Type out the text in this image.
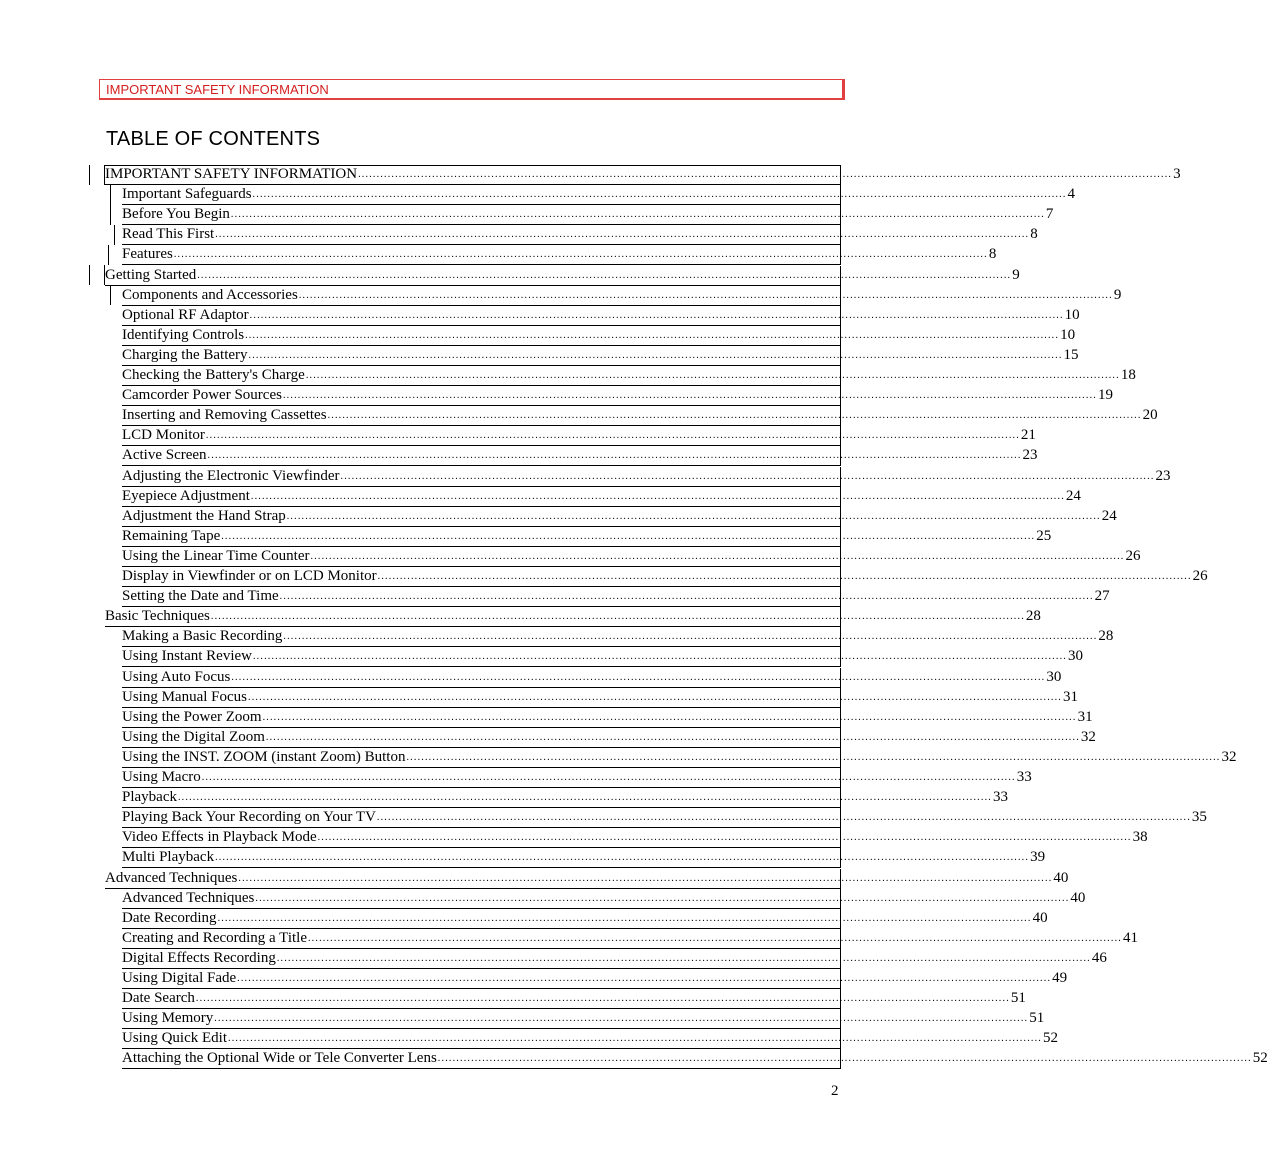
IMPORTANT SAFETY INFORMATION
TABLE OF CONTENTS
IMPORTANT SAFETY INFORMATION ............................................................................................................................................................................................................................ 3
Important Safeguards ............................................................................................................................................................................................................................ 4
Before You Begin ............................................................................................................................................................................................................................ 7
Read This First ............................................................................................................................................................................................................................ 8
Features ............................................................................................................................................................................................................................ 8
Getting Started ............................................................................................................................................................................................................................ 9
Components and Accessories ............................................................................................................................................................................................................................ 9
Optional RF Adaptor ............................................................................................................................................................................................................................ 10
Identifying Controls ............................................................................................................................................................................................................................ 10
Charging the Battery ............................................................................................................................................................................................................................ 15
Checking the Battery's Charge ............................................................................................................................................................................................................................ 18
Camcorder Power Sources ............................................................................................................................................................................................................................ 19
Inserting and Removing Cassettes ............................................................................................................................................................................................................................ 20
LCD Monitor ............................................................................................................................................................................................................................ 21
Active Screen ............................................................................................................................................................................................................................ 23
Adjusting the Electronic Viewfinder ............................................................................................................................................................................................................................ 23
Eyepiece Adjustment ............................................................................................................................................................................................................................ 24
Adjustment the Hand Strap ............................................................................................................................................................................................................................ 24
Remaining Tape ............................................................................................................................................................................................................................ 25
Using the Linear Time Counter ............................................................................................................................................................................................................................ 26
Display in Viewfinder or on LCD Monitor ............................................................................................................................................................................................................................ 26
Setting the Date and Time ............................................................................................................................................................................................................................ 27
Basic Techniques ............................................................................................................................................................................................................................ 28
Making a Basic Recording ............................................................................................................................................................................................................................ 28
Using Instant Review ............................................................................................................................................................................................................................ 30
Using Auto Focus ............................................................................................................................................................................................................................ 30
Using Manual Focus ............................................................................................................................................................................................................................ 31
Using the Power Zoom ............................................................................................................................................................................................................................ 31
Using the Digital Zoom ............................................................................................................................................................................................................................ 32
Using the INST. ZOOM (instant Zoom) Button ............................................................................................................................................................................................................................ 32
Using Macro ............................................................................................................................................................................................................................ 33
Playback ............................................................................................................................................................................................................................ 33
Playing Back Your Recording on Your TV ............................................................................................................................................................................................................................ 35
Video Effects in Playback Mode ............................................................................................................................................................................................................................ 38
Multi Playback ............................................................................................................................................................................................................................ 39
Advanced Techniques ............................................................................................................................................................................................................................ 40
Advanced Techniques ............................................................................................................................................................................................................................ 40
Date Recording ............................................................................................................................................................................................................................ 40
Creating and Recording a Title ............................................................................................................................................................................................................................ 41
Digital Effects Recording ............................................................................................................................................................................................................................ 46
Using Digital Fade ............................................................................................................................................................................................................................ 49
Date Search ............................................................................................................................................................................................................................ 51
Using Memory ............................................................................................................................................................................................................................ 51
Using Quick Edit ............................................................................................................................................................................................................................ 52
Attaching the Optional Wide or Tele Converter Lens ............................................................................................................................................................................................................................ 52
2
